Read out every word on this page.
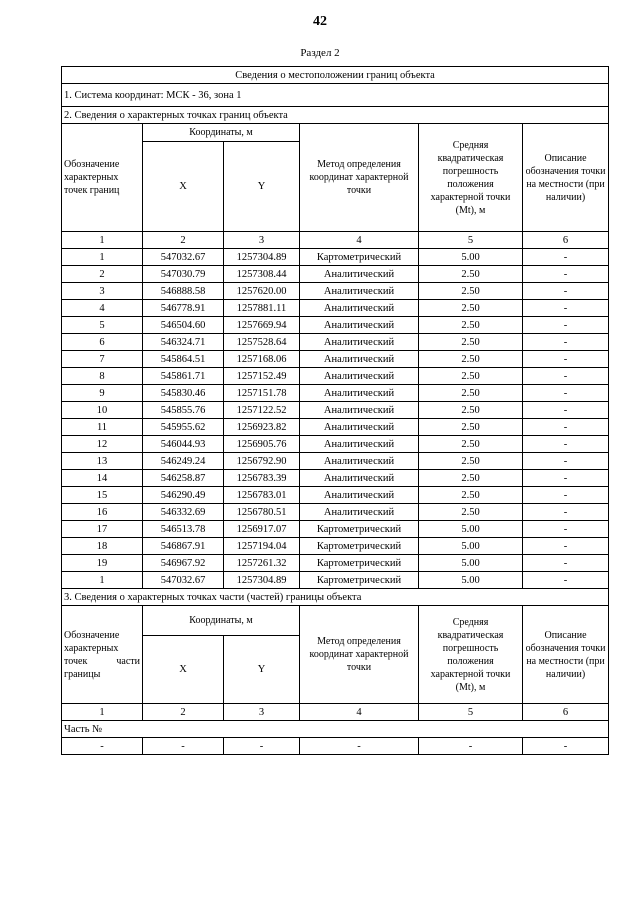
42
Раздел 2
Сведения о местоположении границ объекта					
1. Система координат: МСК - 36, зона 1					
2. Сведения о характерных точках границ объекта					
Обозначение характерных точек границ	Координаты, м		Метод определения координат характерной точки	Средняя квадратическая погрешность положения характерной точки (Mt), м	Описание обозначения точки на местности (при наличии)
	X	Y			
1	2	3	4	5	6
1	547032.67	1257304.89	Картометрический	5.00	-
2	547030.79	1257308.44	Аналитический	2.50	-
3	546888.58	1257620.00	Аналитический	2.50	-
4	546778.91	1257881.11	Аналитический	2.50	-
5	546504.60	1257669.94	Аналитический	2.50	-
6	546324.71	1257528.64	Аналитический	2.50	-
7	545864.51	1257168.06	Аналитический	2.50	-
8	545861.71	1257152.49	Аналитический	2.50	-
9	545830.46	1257151.78	Аналитический	2.50	-
10	545855.76	1257122.52	Аналитический	2.50	-
11	545955.62	1256923.82	Аналитический	2.50	-
12	546044.93	1256905.76	Аналитический	2.50	-
13	546249.24	1256792.90	Аналитический	2.50	-
14	546258.87	1256783.39	Аналитический	2.50	-
15	546290.49	1256783.01	Аналитический	2.50	-
16	546332.69	1256780.51	Аналитический	2.50	-
17	546513.78	1256917.07	Картометрический	5.00	-
18	546867.91	1257194.04	Картометрический	5.00	-
19	546967.92	1257261.32	Картометрический	5.00	-
1	547032.67	1257304.89	Картометрический	5.00	-
3. Сведения о характерных точках части (частей) границы объекта					
Обозначение характерных точек части границы	Координаты, м		Метод определения координат характерной точки	Средняя квадратическая погрешность положения характерной точки (Mt), м	Описание обозначения точки на местности (при наличии)
	X	Y			
1	2	3	4	5	6
Часть №					
-	-	-	-	-	-
